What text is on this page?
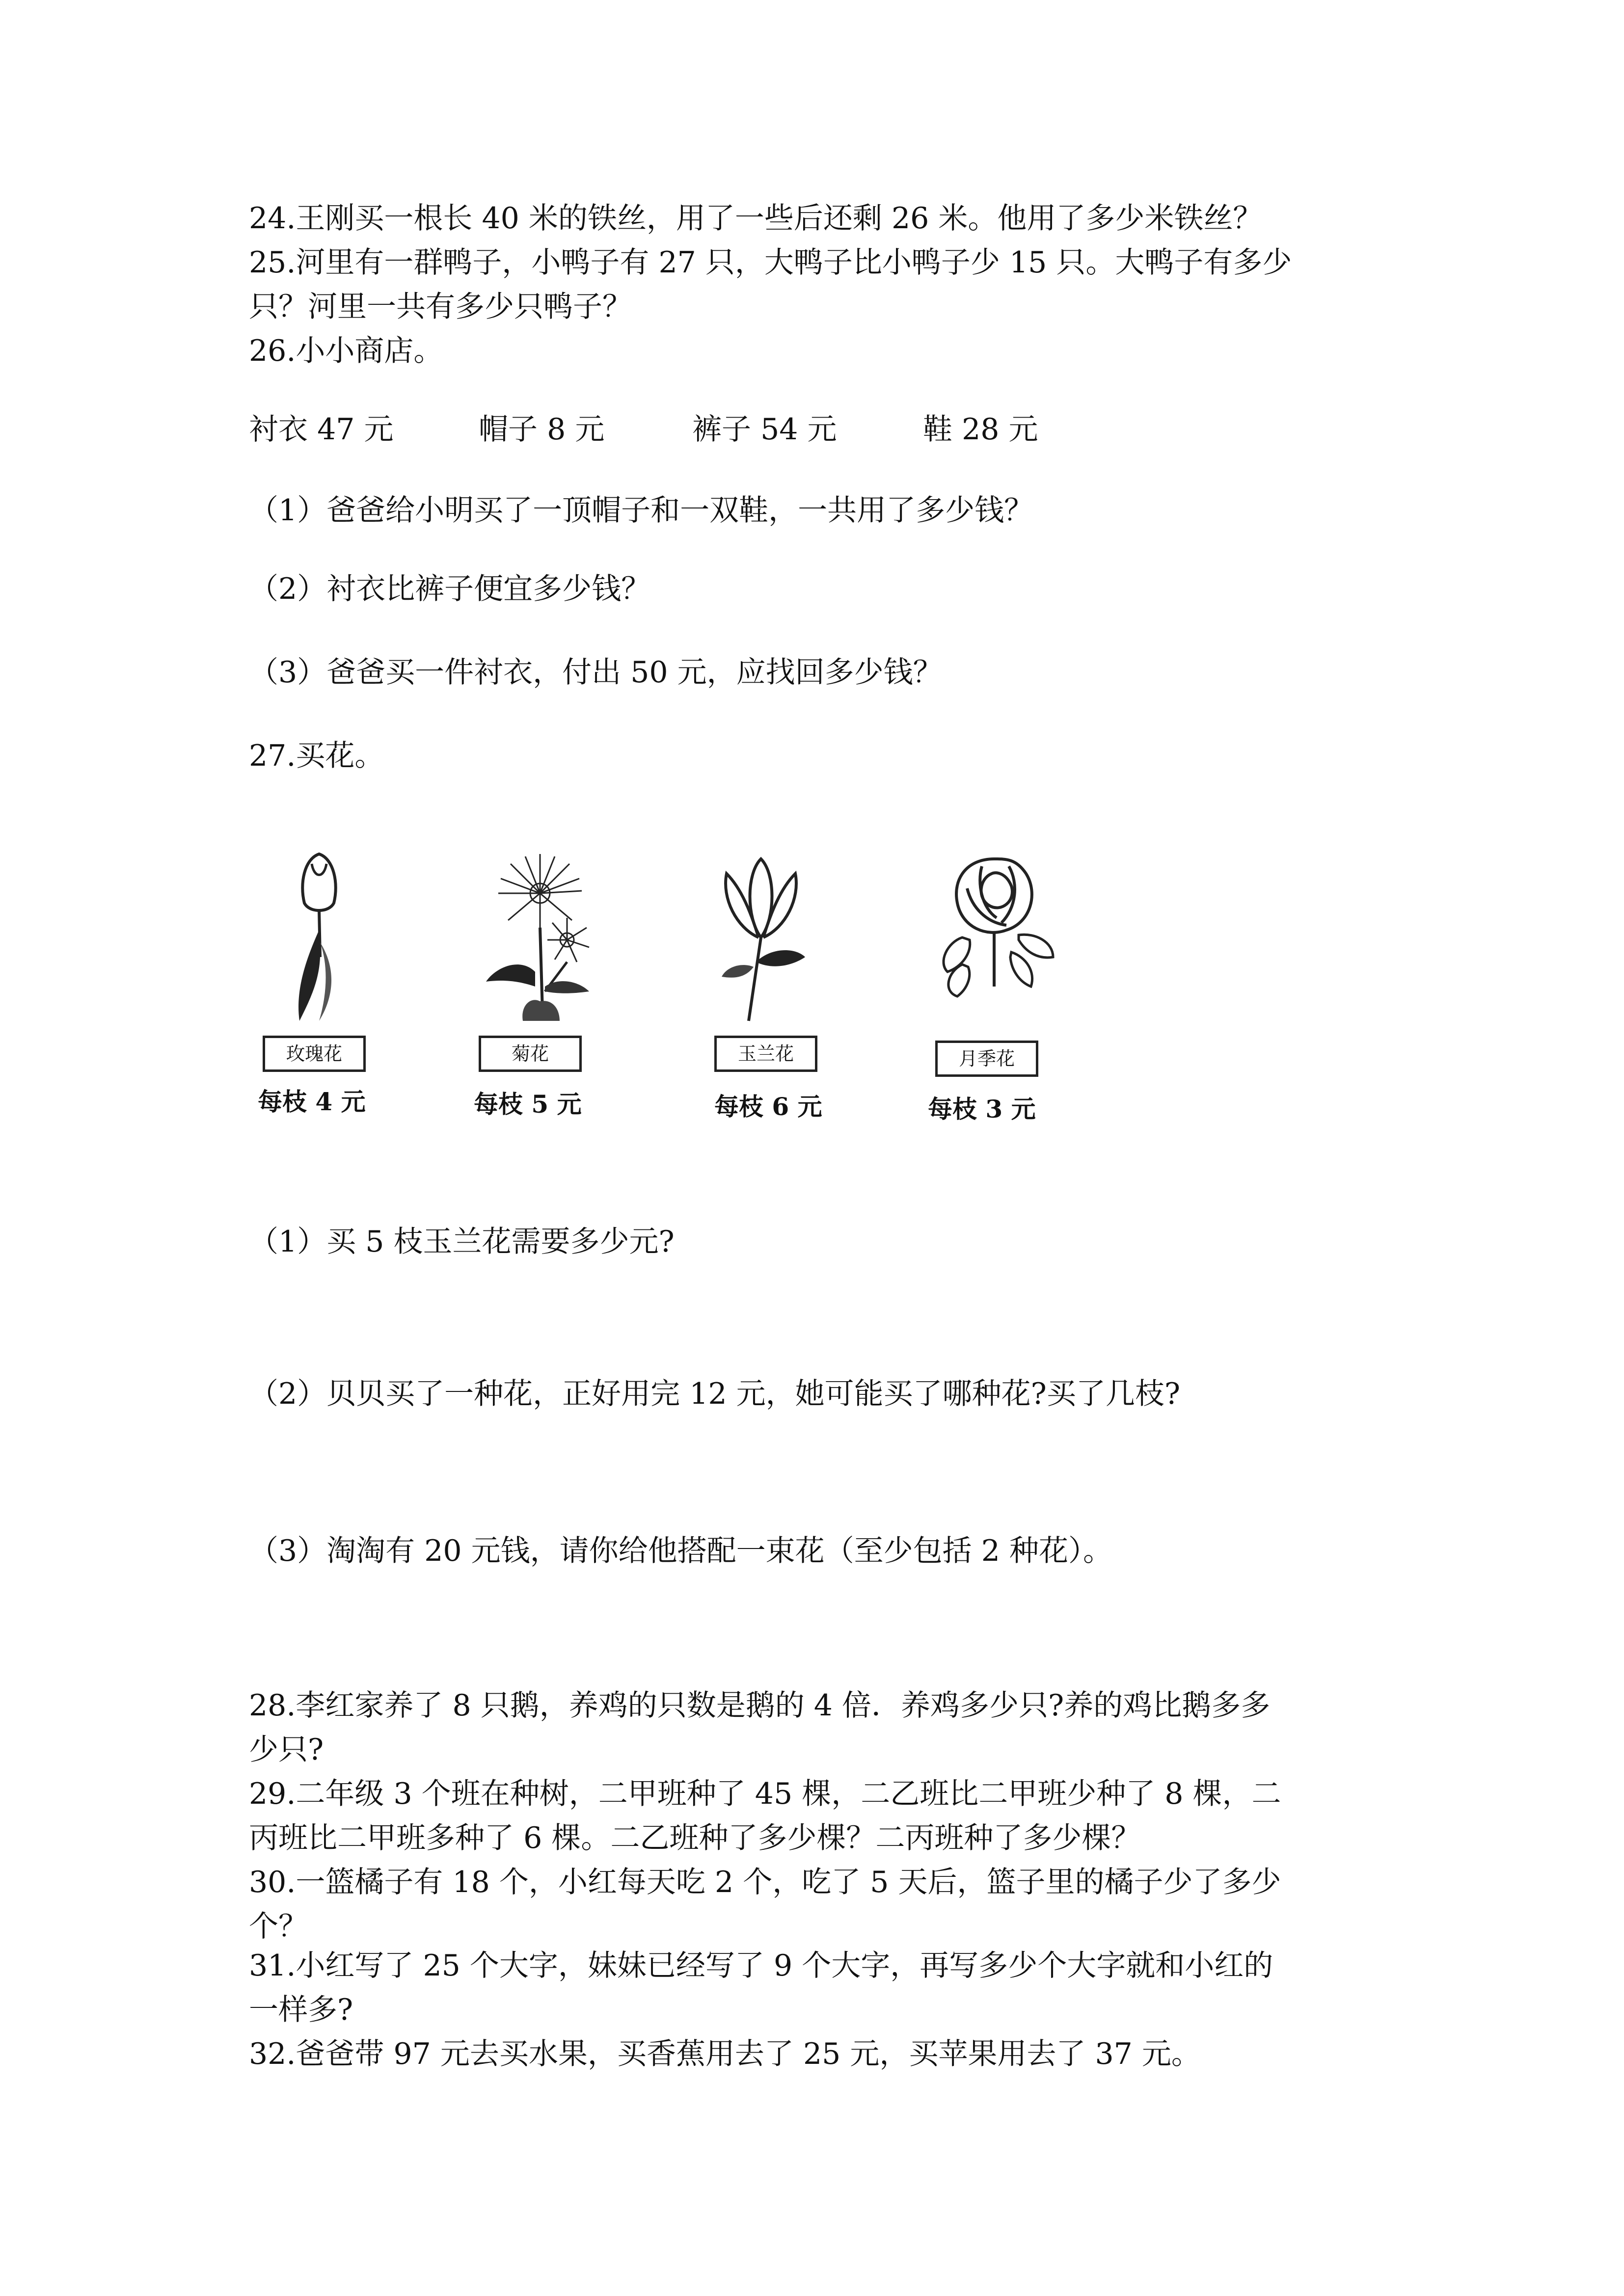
24.王刚买一根长 40 米的铁丝，用了一些后还剩 26 米。他用了多少米铁丝？
25.河里有一群鸭子，小鸭子有 27 只，大鸭子比小鸭子少 15 只。大鸭子有多少
只？河里一共有多少只鸭子？
26.小小商店。
衬衣 47 元	帽子 8 元	裤子 54 元	鞋 28 元
（1）爸爸给小明买了一顶帽子和一双鞋，一共用了多少钱？
（2）衬衣比裤子便宜多少钱？
（3）爸爸买一件衬衣，付出 50 元，应找回多少钱？
27.买花。
玫瑰花	菊花	玉兰花	月季花
每枝 4 元	每枝 5 元	每枝 6 元	每枝 3 元
（1）买 5 枝玉兰花需要多少元?
（2）贝贝买了一种花，正好用完 12 元，她可能买了哪种花?买了几枝?
（3）淘淘有 20 元钱，请你给他搭配一束花（至少包括 2 种花）。
28.李红家养了 8 只鹅，养鸡的只数是鹅的 4 倍．养鸡多少只?养的鸡比鹅多多
少只?
29.二年级 3 个班在种树，二甲班种了 45 棵，二乙班比二甲班少种了 8 棵，二
丙班比二甲班多种了 6 棵。二乙班种了多少棵？二丙班种了多少棵？
30.一篮橘子有 18 个，小红每天吃 2 个，吃了 5 天后，篮子里的橘子少了多少
个？
31.小红写了 25 个大字，妹妹已经写了 9 个大字，再写多少个大字就和小红的
一样多?
32.爸爸带 97 元去买水果，买香蕉用去了 25 元，买苹果用去了 37 元。
